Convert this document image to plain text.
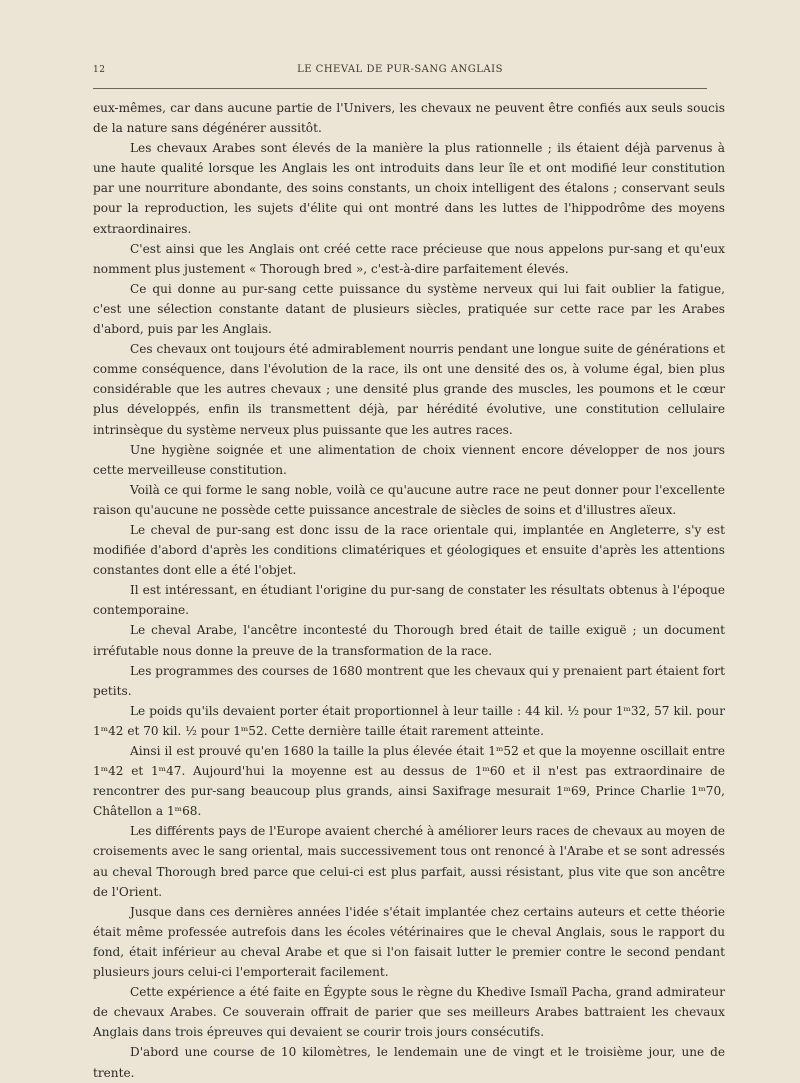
12	LE CHEVAL DE PUR-SANG ANGLAIS

eux-mêmes, car dans aucune partie de l'Univers, les chevaux ne peuvent être confiés aux seuls soucis de la nature sans dégénérer aussitôt.

Les chevaux Arabes sont élevés de la manière la plus rationnelle ; ils étaient déjà parvenus à une haute qualité lorsque les Anglais les ont introduits dans leur île et ont modifié leur constitution par une nourriture abondante, des soins constants, un choix intelligent des étalons ; conservant seuls pour la reproduction, les sujets d'élite qui ont montré dans les luttes de l'hippodrôme des moyens extraordinaires.

C'est ainsi que les Anglais ont créé cette race précieuse que nous appelons pur-sang et qu'eux nomment plus justement « Thorough bred », c'est-à-dire parfaitement élevés.

Ce qui donne au pur-sang cette puissance du système nerveux qui lui fait oublier la fatigue, c'est une sélection constante datant de plusieurs siècles, pratiquée sur cette race par les Arabes d'abord, puis par les Anglais.

Ces chevaux ont toujours été admirablement nourris pendant une longue suite de générations et comme conséquence, dans l'évolution de la race, ils ont une densité des os, à volume égal, bien plus considérable que les autres chevaux ; une densité plus grande des muscles, les poumons et le cœur plus développés, enfin ils transmettent déjà, par hérédité évolutive, une constitution cellulaire intrinsèque du système nerveux plus puissante que les autres races.

Une hygiène soignée et une alimentation de choix viennent encore développer de nos jours cette merveilleuse constitution.

Voilà ce qui forme le sang noble, voilà ce qu'aucune autre race ne peut donner pour l'excellente raison qu'aucune ne possède cette puissance ancestrale de siècles de soins et d'illustres aïeux.

Le cheval de pur-sang est donc issu de la race orientale qui, implantée en Angleterre, s'y est modifiée d'abord d'après les conditions climatériques et géologiques et ensuite d'après les attentions constantes dont elle a été l'objet.

Il est intéressant, en étudiant l'origine du pur-sang de constater les résultats obtenus à l'époque contemporaine.

Le cheval Arabe, l'ancêtre incontesté du Thorough bred était de taille exiguë ; un document irréfutable nous donne la preuve de la transformation de la race.

Les programmes des courses de 1680 montrent que les chevaux qui y prenaient part étaient fort petits.

Le poids qu'ils devaient porter était proportionnel à leur taille : 44 kil. ½ pour 1ᵐ32, 57 kil. pour 1ᵐ42 et 70 kil. ½ pour 1ᵐ52. Cette dernière taille était rarement atteinte.

Ainsi il est prouvé qu'en 1680 la taille la plus élevée était 1ᵐ52 et que la moyenne oscillait entre 1ᵐ42 et 1ᵐ47. Aujourd'hui la moyenne est au dessus de 1ᵐ60 et il n'est pas extraordinaire de rencontrer des pur-sang beaucoup plus grands, ainsi Saxifrage mesurait 1ᵐ69, Prince Charlie 1ᵐ70, Châtellon a 1ᵐ68.

Les différents pays de l'Europe avaient cherché à améliorer leurs races de chevaux au moyen de croisements avec le sang oriental, mais successivement tous ont renoncé à l'Arabe et se sont adressés au cheval Thorough bred parce que celui-ci est plus parfait, aussi résistant, plus vite que son ancêtre de l'Orient.

Jusque dans ces dernières années l'idée s'était implantée chez certains auteurs et cette théorie était même professée autrefois dans les écoles vétérinaires que le cheval Anglais, sous le rapport du fond, était inférieur au cheval Arabe et que si l'on faisait lutter le premier contre le second pendant plusieurs jours celui-ci l'emporterait facilement.

Cette expérience a été faite en Égypte sous le règne du Khedive Ismaïl Pacha, grand admirateur de chevaux Arabes. Ce souverain offrait de parier que ses meilleurs Arabes battraient les chevaux Anglais dans trois épreuves qui devaient se courir trois jours consécutifs.

D'abord une course de 10 kilomètres, le lendemain une de vingt et le troisième jour, une de trente.
